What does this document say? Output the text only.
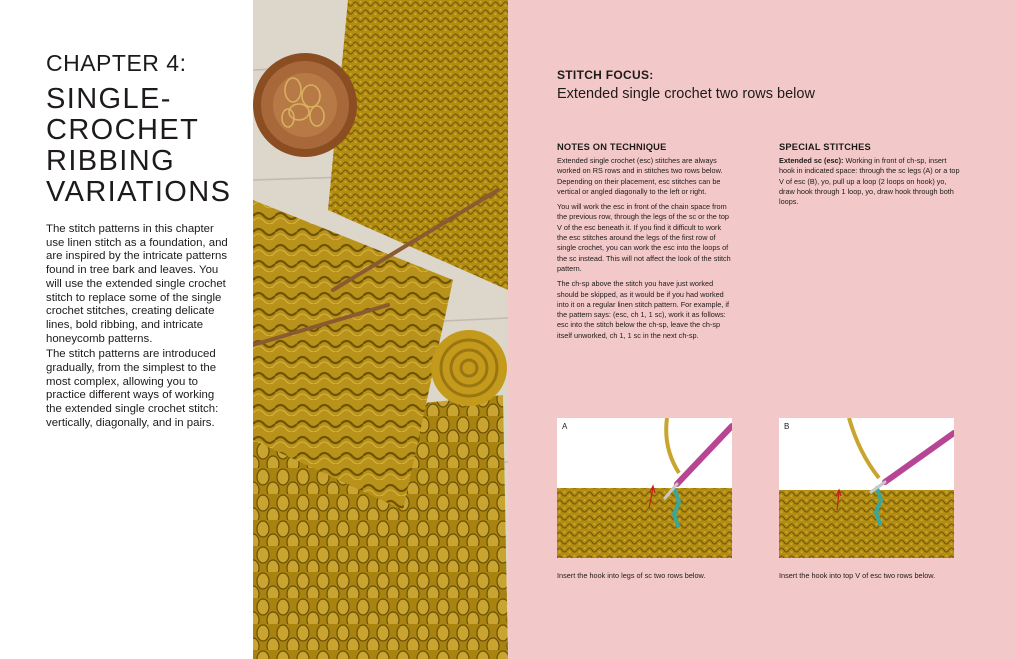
CHAPTER 4:
SINGLE-
CROCHET
RIBBING
VARIATIONS

The stitch patterns in this chapter use linen stitch as a foundation, and are inspired by the intricate patterns found in tree bark and leaves. You will use the extended single crochet stitch to replace some of the single crochet stitches, creating delicate lines, bold ribbing, and intricate honeycomb patterns.

The stitch patterns are introduced gradually, from the simplest to the most complex, allowing you to practice different ways of working the extended single crochet stitch: vertically, diagonally, and in pairs.

STITCH FOCUS:
Extended single crochet two rows below
NOTES ON TECHNIQUE

Extended single crochet (esc) stitches are always worked on RS rows and in stitches two rows below. Depending on their placement, esc stitches can be vertical or angled diagonally to the left or right.

You will work the esc in front of the chain space from the previous row, through the legs of the sc or the top V of the esc beneath it. If you find it difficult to work the esc stitches around the legs of the first row of single crochet, you can work the esc into the loops of the sc instead. This will not affect the look of the stitch pattern.

The ch-sp above the stitch you have just worked should be skipped, as it would be if you had worked into it on a regular linen stitch pattern. For example, if the pattern says: (esc, ch 1, 1 sc), work it as follows: esc into the stitch below the ch-sp, leave the ch-sp itself unworked, ch 1, 1 sc in the next ch-sp.

SPECIAL STITCHES

Extended sc (esc): Working in front of ch-sp, insert hook in indicated space: through the sc legs (A) or a top V of esc (B), yo, pull up a loop (2 loops on hook) yo, draw hook through 1 loop, yo, draw hook through both loops.

A
Insert the hook into legs of sc two rows below.
B
Insert the hook into top V of esc two rows below.
